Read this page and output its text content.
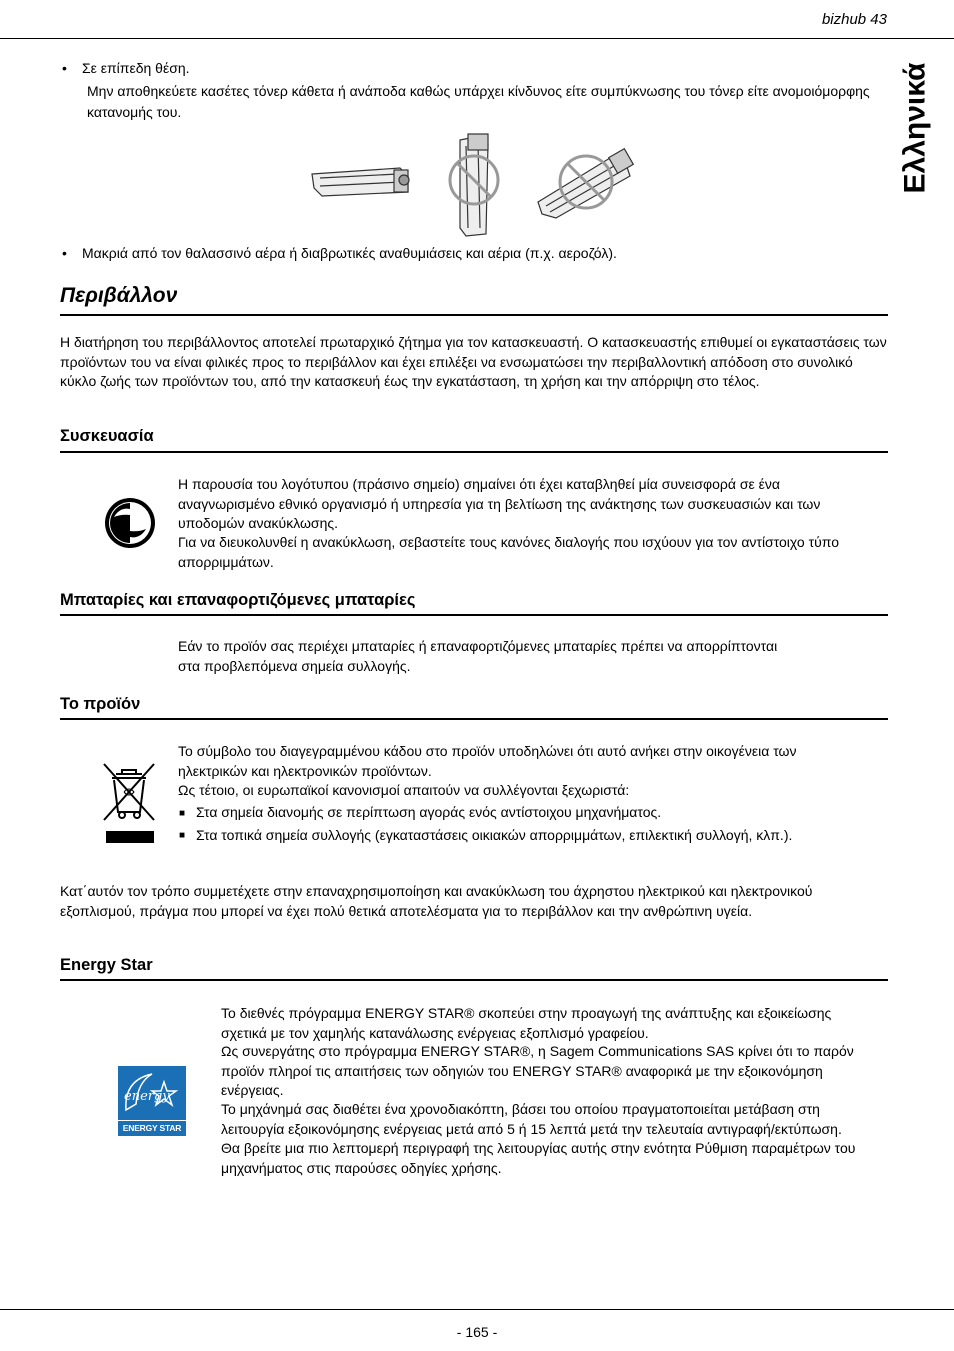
bizhub 43
Ελληνικά
• Σε επίπεδη θέση.
Μην αποθηκεύετε κασέτες τόνερ κάθετα ή ανάποδα καθώς υπάρχει κίνδυνος είτε συμπύκνωσης του τόνερ είτε ανομοιόμορφης κατανομής του.
• Μακριά από τον θαλασσινό αέρα ή διαβρωτικές αναθυμιάσεις και αέρια (π.χ. αεροζόλ).
Περιβάλλον
Η διατήρηση του περιβάλλοντος αποτελεί πρωταρχικό ζήτημα για τον κατασκευαστή. Ο κατασκευαστής επιθυμεί οι εγκαταστάσεις των προϊόντων του να είναι φιλικές προς το περιβάλλον και έχει επιλέξει να ενσωματώσει την περιβαλλοντική απόδοση στο συνολικό κύκλο ζωής των προϊόντων του, από την κατασκευή έως την εγκατάσταση, τη χρήση και την απόρριψη στο τέλος.
Συσκευασία
Η παρουσία του λογότυπου (πράσινο σημείο) σημαίνει ότι έχει καταβληθεί μία συνεισφορά σε ένα αναγνωρισμένο εθνικό οργανισμό ή υπηρεσία για τη βελτίωση της ανάκτησης των συσκευασιών και των υποδομών ανακύκλωσης.
Για να διευκολυνθεί η ανακύκλωση, σεβαστείτε τους κανόνες διαλογής που ισχύουν για τον αντίστοιχο τύπο απορριμμάτων.
Μπαταρίες και επαναφορτιζόμενες μπαταρίες
Εάν το προϊόν σας περιέχει μπαταρίες ή επαναφορτιζόμενες μπαταρίες πρέπει να απορρίπτονται στα προβλεπόμενα σημεία συλλογής.
Το προϊόν
Το σύμβολο του διαγεγραμμένου κάδου στο προϊόν υποδηλώνει ότι αυτό ανήκει στην οικογένεια των ηλεκτρικών και ηλεκτρονικών προϊόντων.
Ως τέτοιο, οι ευρωπαϊκοί κανονισμοί απαιτούν να συλλέγονται ξεχωριστά:
■ Στα σημεία διανομής σε περίπτωση αγοράς ενός αντίστοιχου μηχανήματος.
■ Στα τοπικά σημεία συλλογής (εγκαταστάσεις οικιακών απορριμμάτων, επιλεκτική συλλογή, κλπ.).
Κατ΄αυτόν τον τρόπο συμμετέχετε στην επαναχρησιμοποίηση και ανακύκλωση του άχρηστου ηλεκτρικού και ηλεκτρονικού εξοπλισμού, πράγμα που μπορεί να έχει πολύ θετικά αποτελέσματα για το περιβάλλον και την ανθρώπινη υγεία.
Energy Star
energy
ENERGY STAR
Το διεθνές πρόγραμμα ENERGY STAR® σκοπεύει στην προαγωγή της ανάπτυξης και εξοικείωσης σχετικά με τον χαμηλής κατανάλωσης ενέργειας εξοπλισμό γραφείου.
Ως συνεργάτης στο πρόγραμμα ENERGY STAR®, η Sagem Communications SAS κρίνει ότι το παρόν προϊόν πληροί τις απαιτήσεις των οδηγιών του ENERGY STAR® αναφορικά με την εξοικονόμηση ενέργειας.
Το μηχάνημά σας διαθέτει ένα χρονοδιακόπτη, βάσει του οποίου πραγματοποιείται μετάβαση στη λειτουργία εξοικονόμησης ενέργειας μετά από 5 ή 15 λεπτά μετά την τελευταία αντιγραφή/εκτύπωση. Θα βρείτε μια πιο λεπτομερή περιγραφή της λειτουργίας αυτής στην ενότητα Ρύθμιση παραμέτρων του μηχανήματος στις παρούσες οδηγίες χρήσης.
- 165 -
